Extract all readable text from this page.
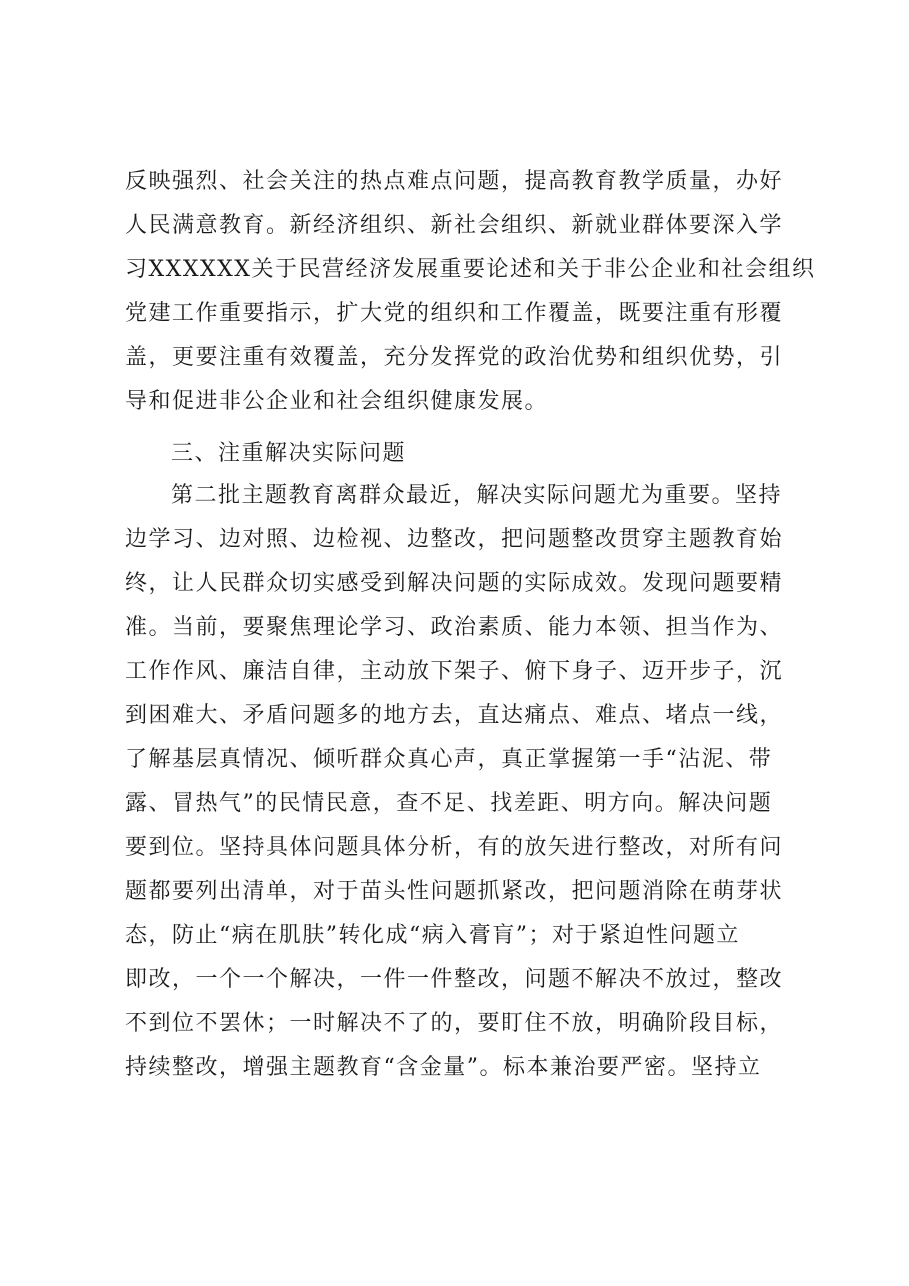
反映强烈、社会关注的热点难点问题，提高教育教学质量，办好
人民满意教育。新经济组织、新社会组织、新就业群体要深入学
习XXXXXX关于民营经济发展重要论述和关于非公企业和社会组织
党建工作重要指示，扩大党的组织和工作覆盖，既要注重有形覆
盖，更要注重有效覆盖，充分发挥党的政治优势和组织优势，引
导和促进非公企业和社会组织健康发展。
三、注重解决实际问题
第二批主题教育离群众最近，解决实际问题尤为重要。坚持
边学习、边对照、边检视、边整改，把问题整改贯穿主题教育始
终，让人民群众切实感受到解决问题的实际成效。发现问题要精
准。当前，要聚焦理论学习、政治素质、能力本领、担当作为、
工作作风、廉洁自律，主动放下架子、俯下身子、迈开步子，沉
到困难大、矛盾问题多的地方去，直达痛点、难点、堵点一线，
了解基层真情况、倾听群众真心声，真正掌握第一手“沾泥、带
露、冒热气”的民情民意，查不足、找差距、明方向。解决问题
要到位。坚持具体问题具体分析，有的放矢进行整改，对所有问
题都要列出清单，对于苗头性问题抓紧改，把问题消除在萌芽状
态，防止“病在肌肤”转化成“病入膏肓”；对于紧迫性问题立
即改，一个一个解决，一件一件整改，问题不解决不放过，整改
不到位不罢休；一时解决不了的，要盯住不放，明确阶段目标，
持续整改，增强主题教育“含金量”。标本兼治要严密。坚持立
